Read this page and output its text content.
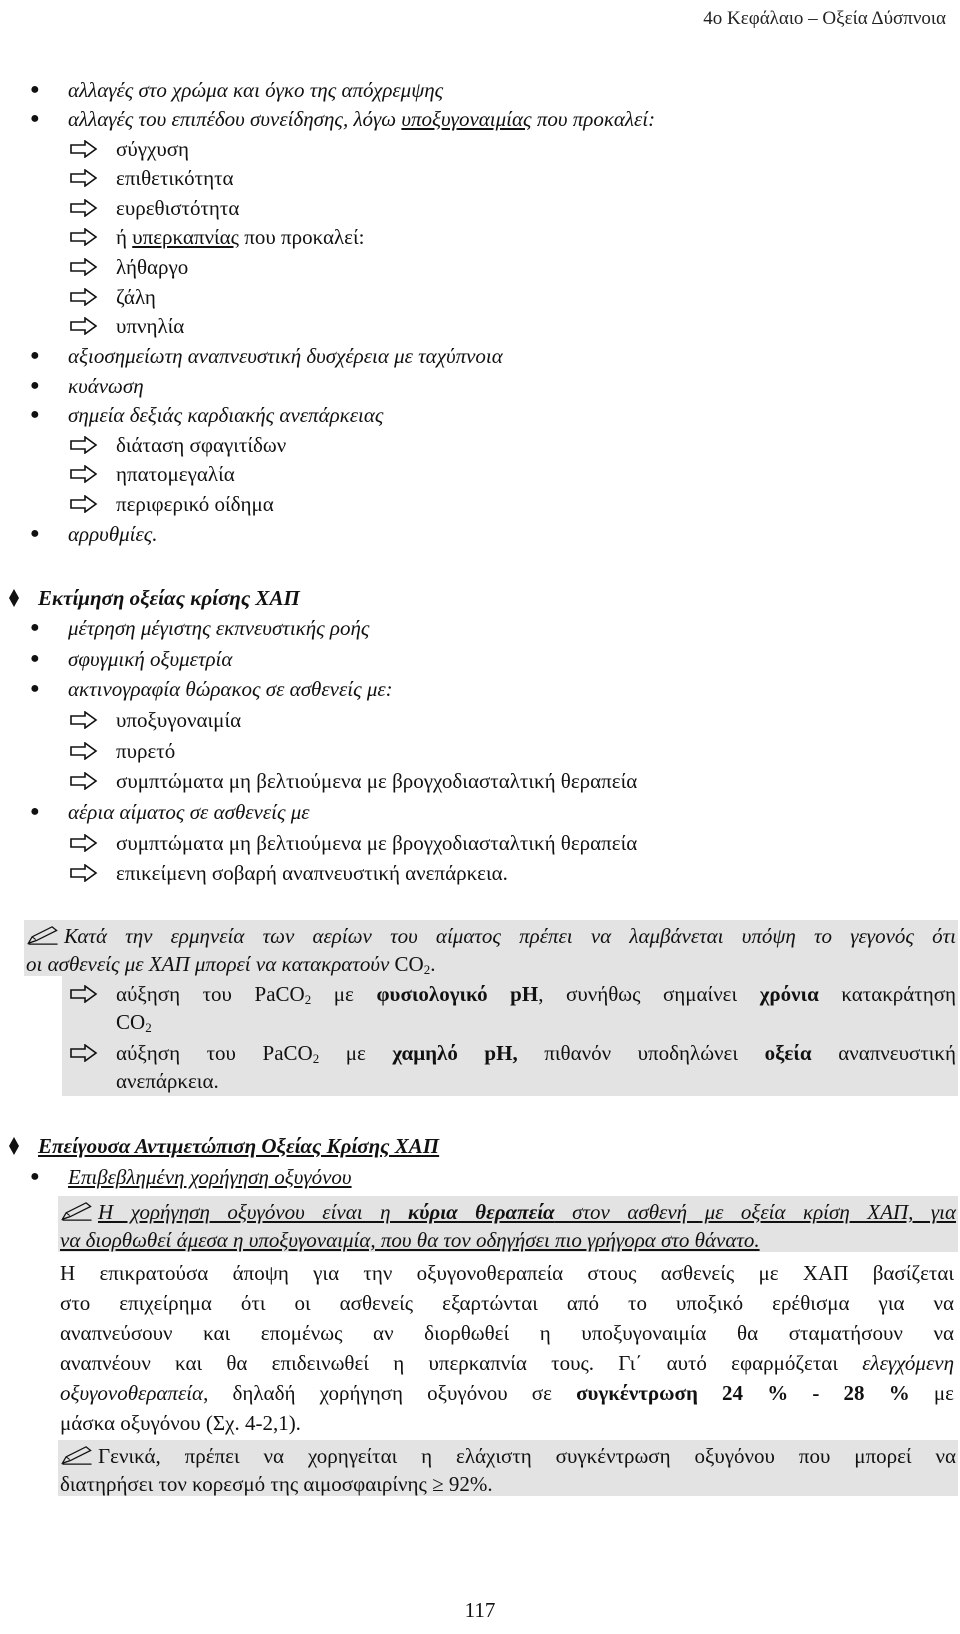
4ο Κεφάλαιο – Οξεία Δύσπνοια
● αλλαγές στο χρώμα και όγκο της απόχρεμψης
● αλλαγές του επιπέδου συνείδησης, λόγω υποξυγοναιμίας που προκαλεί:
σύγχυση
επιθετικότητα
ευρεθιστότητα
ή υπερκαπνίας που προκαλεί:
λήθαργο
ζάλη
υπνηλία
● αξιοσημείωτη αναπνευστική δυσχέρεια με ταχύπνοια
● κυάνωση
● σημεία δεξιάς καρδιακής ανεπάρκειας
διάταση σφαγιτίδων
ηπατομεγαλία
περιφερικό οίδημα
● αρρυθμίες.
Εκτίμηση οξείας κρίσης ΧΑΠ
● μέτρηση μέγιστης εκπνευστικής ροής
● σφυγμική οξυμετρία
● ακτινογραφία θώρακος σε ασθενείς με:
υποξυγοναιμία
πυρετό
συμπτώματα μη βελτιούμενα με βρογχοδιασταλτική θεραπεία
● αέρια αίματος σε ασθενείς με
συμπτώματα μη βελτιούμενα με βρογχοδιασταλτική θεραπεία
επικείμενη σοβαρή αναπνευστική ανεπάρκεια.
Κατά την ερμηνεία των αερίων του αίματος πρέπει να λαμβάνεται υπόψη το γεγονός ότι
οι ασθενείς με ΧΑΠ μπορεί να κατακρατούν $CO_2$.
αύξηση του PaCO$_2$ με φυσιολογικό pH, συνήθως σημαίνει χρόνια κατακράτηση
$CO_2$
αύξηση του PaCO$_2$ με χαμηλό pH, πιθανόν υποδηλώνει οξεία αναπνευστική
ανεπάρκεια.
Επείγουσα Αντιμετώπιση Οξείας Κρίσης ΧΑΠ
● Επιβεβλημένη χορήγηση οξυγόνου
Η χορήγηση οξυγόνου είναι η κύρια θεραπεία στον ασθενή με οξεία κρίση ΧΑΠ, για
να διορθωθεί άμεσα η υποξυγοναιμία, που θα τον οδηγήσει πιο γρήγορα στο θάνατο.
Η επικρατούσα άποψη για την οξυγονοθεραπεία στους ασθενείς με ΧΑΠ βασίζεται
στο επιχείρημα ότι οι ασθενείς εξαρτώνται από το υποξικό ερέθισμα για να
αναπνεύσουν και επομένως αν διορθωθεί η υποξυγοναιμία θα σταματήσουν να
αναπνέουν και θα επιδεινωθεί η υπερκαπνία τους. Γι΄ αυτό εφαρμόζεται ελεγχόμενη
οξυγονοθεραπεία, δηλαδή χορήγηση οξυγόνου σε συγκέντρωση 24 % - 28 % με
μάσκα οξυγόνου (Σχ. 4-2,1).
Γενικά, πρέπει να χορηγείται η ελάχιστη συγκέντρωση οξυγόνου που μπορεί να
διατηρήσει τον κορεσμό της αιμοσφαιρίνης ≥ 92%.
117
